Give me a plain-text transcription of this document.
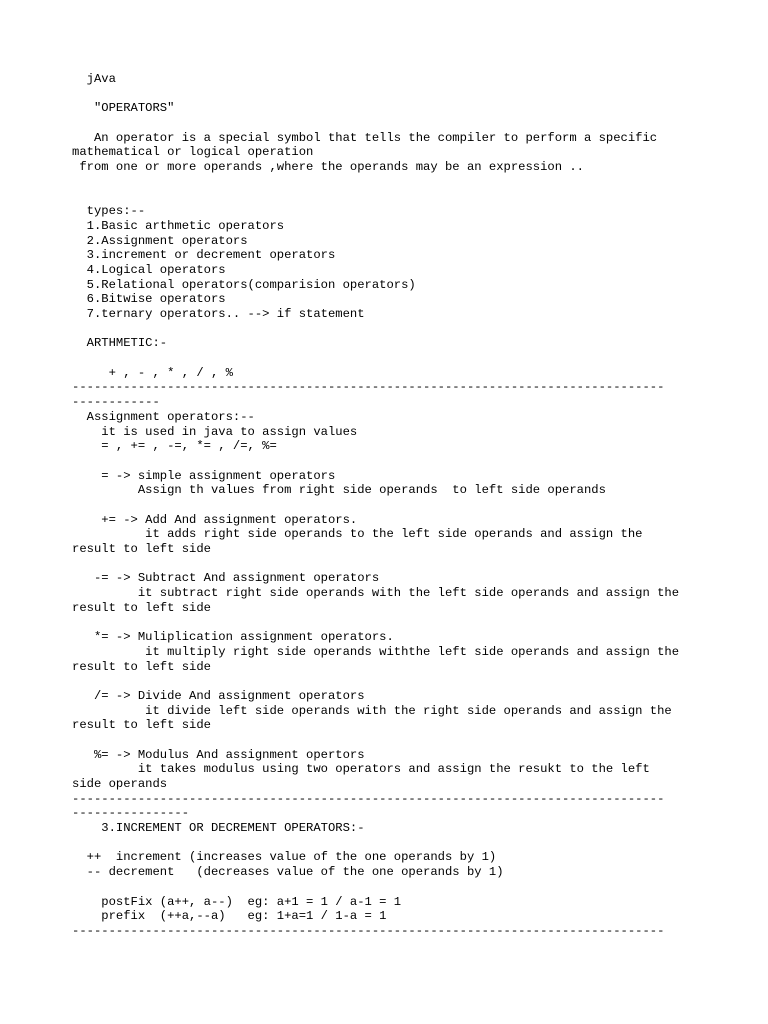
jAva
"OPERATORS"
An operator is a special symbol that tells the compiler to perform a specific
mathematical or logical operation
from one or more operands ,where the operands may be an expression ..
types:--
1.Basic arthmetic operators
2.Assignment operators
3.increment or decrement operators
4.Logical operators
5.Relational operators(comparision operators)
6.Bitwise operators
7.ternary operators.. --> if statement
ARTHMETIC:-
+ , - , * , / , %
---------------------------------------------------------------------------------
------------
Assignment operators:--
it is used in java to assign values
= , += , -=, *= , /=, %=
= -> simple assignment operators
Assign th values from right side operands  to left side operands
+= -> Add And assignment operators.
it adds right side operands to the left side operands and assign the
result to left side
-= -> Subtract And assignment operators
it subtract right side operands with the left side operands and assign the
result to left side
*= -> Muliplication assignment operators.
it multiply right side operands withthe left side operands and assign the
result to left side
/= -> Divide And assignment operators
it divide left side operands with the right side operands and assign the
result to left side
%= -> Modulus And assignment opertors
it takes modulus using two operators and assign the resukt to the left
side operands
---------------------------------------------------------------------------------
----------------
3.INCREMENT OR DECREMENT OPERATORS:-
++  increment (increases value of the one operands by 1)
-- decrement   (decreases value of the one operands by 1)
postFix (a++, a--)  eg: a+1 = 1 / a-1 = 1
prefix  (++a,--a)   eg: 1+a=1 / 1-a = 1
---------------------------------------------------------------------------------
